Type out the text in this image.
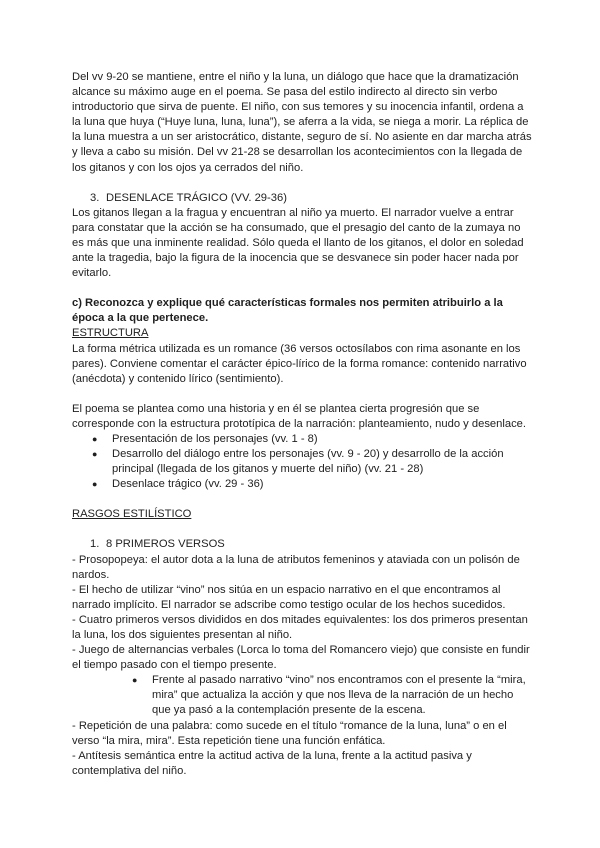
Del vv 9-20 se mantiene, entre el niño y la luna, un diálogo que hace que la dramatización alcance su máximo auge en el poema. Se pasa del estilo indirecto al directo sin verbo introductorio que sirva de puente. El niño, con sus temores y su inocencia infantil, ordena a la luna que huya (“Huye luna, luna, luna”), se aferra a la vida, se niega a morir. La réplica de la luna muestra a un ser aristocrático, distante, seguro de sí. No asiente en dar marcha atrás y lleva a cabo su misión. Del vv 21-28 se desarrollan los acontecimientos con la llegada de los gitanos y con los ojos ya cerrados del niño.

3. DESENLACE TRÁGICO (VV. 29-36)

Los gitanos llegan a la fragua y encuentran al niño ya muerto. El narrador vuelve a entrar para constatar que la acción se ha consumado, que el presagio del canto de la zumaya no es más que una inminente realidad. Sólo queda el llanto de los gitanos, el dolor en soledad ante la tragedia, bajo la figura de la inocencia que se desvanece sin poder hacer nada por evitarlo.

c) Reconozca y explique qué características formales nos permiten atribuirlo a la época a la que pertenece.

ESTRUCTURA

La forma métrica utilizada es un romance (36 versos octosílabos con rima asonante en los pares). Conviene comentar el carácter épico-lírico de la forma romance: contenido narrativo (anécdota) y contenido lírico (sentimiento).

El poema se plantea como una historia y en él se plantea cierta progresión que se corresponde con la estructura prototípica de la narración: planteamiento, nudo y desenlace.

● Presentación de los personajes (vv. 1 - 8)
● Desarrollo del diálogo entre los personajes (vv. 9 - 20) y desarrollo de la acción principal (llegada de los gitanos y muerte del niño) (vv. 21 - 28)
● Desenlace trágico (vv. 29 - 36)

RASGOS ESTILÍSTICO

1. 8 PRIMEROS VERSOS

- Prosopopeya: el autor dota a la luna de atributos femeninos y ataviada con un polisón de nardos.

- El hecho de utilizar “vino” nos sitúa en un espacio narrativo en el que encontramos al narrado implícito. El narrador se adscribe como testigo ocular de los hechos sucedidos.

- Cuatro primeros versos divididos en dos mitades equivalentes: los dos primeros presentan la luna, los dos siguientes presentan al niño.

- Juego de alternancias verbales (Lorca lo toma del Romancero viejo) que consiste en fundir el tiempo pasado con el tiempo presente.

● Frente al pasado narrativo “vino” nos encontramos con el presente la “mira, mira” que actualiza la acción y que nos lleva de la narración de un hecho que ya pasó a la contemplación presente de la escena.

- Repetición de una palabra: como sucede en el título “romance de la luna, luna” o en el verso “la mira, mira”. Esta repetición tiene una función enfática.

- Antítesis semántica entre la actitud activa de la luna, frente a la actitud pasiva y contemplativa del niño.
